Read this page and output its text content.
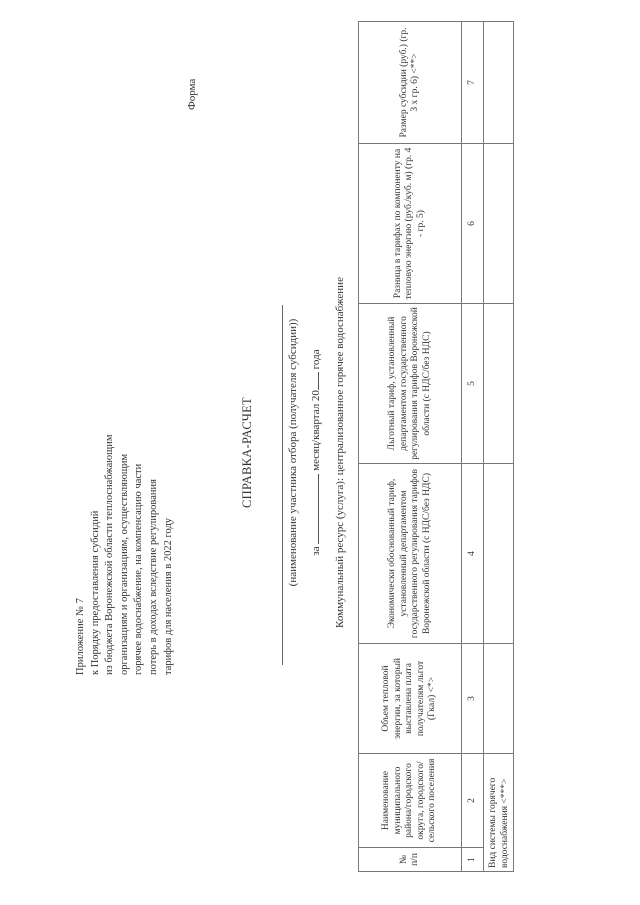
Приложение № 7 к Порядку предоставления субсидий из бюджета Воронежской области теплоснабжающим организациям и организациям, осуществляющим горячее водоснабжение, на компенсацию части потерь в доходах вследствие регулирования тарифов для населения в 2022 году
Форма
СПРАВКА-РАСЧЕТ	(наименование участника отбора (получателя субсидии)) за  месяц/квартал 20 года Коммунальный ресурс (услуга): централизованное горячее водоснабжение
№ п/п	Наименование муниципального района/городского округа, городского/сельского поселения	Объем тепловой энергии, за который выставлена плата получателям льгот (Гкал) <*>	Экономически обоснованный тариф, установленный департаментом государственного регулирования тарифов Воронежской области (с НДС/без НДС)	Льготный тариф, установленный департаментом государственного регулирования тарифов Воронежской области (с НДС/без НДС)	Разница в тарифах по компоненту на тепловую энергию (руб./куб. м) (гр. 4 - гр. 5)	Размер субсидии (руб.) (гр. 3 х гр. 6) <**>
1	2	3	4	5	6	7
Вид системы горячего водоснабжения <***>						
